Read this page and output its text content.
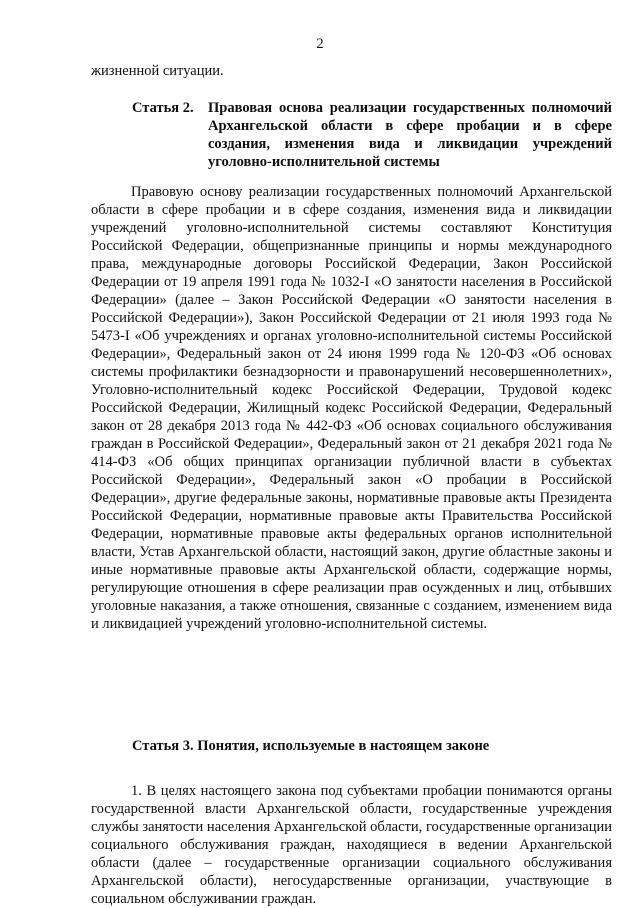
2
жизненной ситуации.
Статья 2. Правовая основа реализации государственных полномочий Архангельской области в сфере пробации и в сфере создания, изменения вида и ликвидации учреждений уголовно-исполнительной системы

Правовую основу реализации государственных полномочий Архангельской области в сфере пробации и в сфере создания, изменения вида и ликвидации учреждений уголовно-исполнительной системы составляют Конституция Российской Федерации, общепризнанные принципы и нормы международного права, международные договоры Российской Федерации, Закон Российской Федерации от 19 апреля 1991 года № 1032-I «О занятости населения в Российской Федерации» (далее – Закон Российской Федерации «О занятости населения в Российской Федерации»), Закон Российской Федерации от 21 июля 1993 года № 5473-I «Об учреждениях и органах уголовно-исполнительной системы Российской Федерации», Федеральный закон от 24 июня 1999 года № 120-ФЗ «Об основах системы профилактики безнадзорности и правонарушений несовершеннолетних», Уголовно-исполнительный кодекс Российской Федерации, Трудовой кодекс Российской Федерации, Жилищный кодекс Российской Федерации, Федеральный закон от 28 декабря 2013 года № 442-ФЗ «Об основах социального обслуживания граждан в Российской Федерации», Федеральный закон от 21 декабря 2021 года № 414-ФЗ «Об общих принципах организации публичной власти в субъектах Российской Федерации», Федеральный закон «О пробации в Российской Федерации», другие федеральные законы, нормативные правовые акты Президента Российской Федерации, нормативные правовые акты Правительства Российской Федерации, нормативные правовые акты федеральных органов исполнительной власти, Устав Архангельской области, настоящий закон, другие областные законы и иные нормативные правовые акты Архангельской области, содержащие нормы, регулирующие отношения в сфере реализации прав осужденных и лиц, отбывших уголовные наказания, а также отношения, связанные с созданием, изменением вида и ликвидацией учреждений уголовно-исполнительной системы.

Статья 3. Понятия, используемые в настоящем законе

1. В целях настоящего закона под субъектами пробации понимаются органы государственной власти Архангельской области, государственные учреждения службы занятости населения Архангельской области, государственные организации социального обслуживания граждан, находящиеся в ведении Архангельской области (далее – государственные организации социального обслуживания Архангельской области), негосударственные организации, участвующие в социальном обслуживании граждан.
